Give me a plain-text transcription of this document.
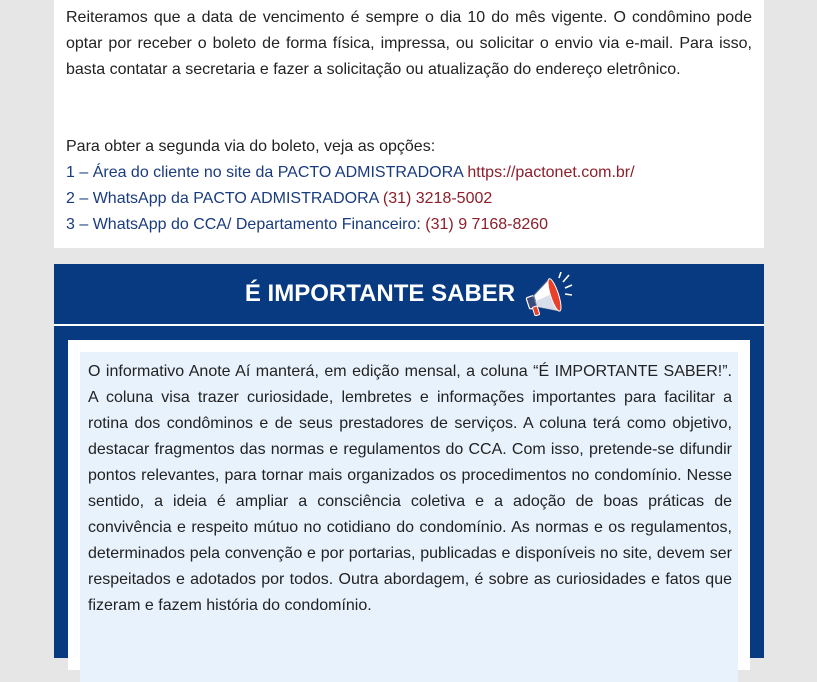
Reiteramos que a data de vencimento é sempre o dia 10 do mês vigente. O condômino pode optar por receber o boleto de forma física, impressa, ou solicitar o envio via e-mail. Para isso, basta contatar a secretaria e fazer a solicitação ou atualização do endereço eletrônico.

Para obter a segunda via do boleto, veja as opções:
1 – Área do cliente no site da PACTO ADMISTRADORA https://pactonet.com.br/
2 – WhatsApp da PACTO ADMISTRADORA (31) 3218-5002
3 – WhatsApp do CCA/ Departamento Financeiro: (31) 9 7168-8260
É IMPORTANTE SABER

O informativo Anote Aí manterá, em edição mensal, a coluna “É IMPORTANTE SABER!”. A coluna visa trazer curiosidade, lembretes e informações importantes para facilitar a rotina dos condôminos e de seus prestadores de serviços. A coluna terá como objetivo, destacar fragmentos das normas e regulamentos do CCA. Com isso, pretende-se difundir pontos relevantes, para tornar mais organizados os procedimentos no condomínio. Nesse sentido, a ideia é ampliar a consciência coletiva e a adoção de boas práticas de convivência e respeito mútuo no cotidiano do condomínio. As normas e os regulamentos, determinados pela convenção e por portarias, publicadas e disponíveis no site, devem ser respeitados e adotados por todos. Outra abordagem, é sobre as curiosidades e fatos que fizeram e fazem história do condomínio.
